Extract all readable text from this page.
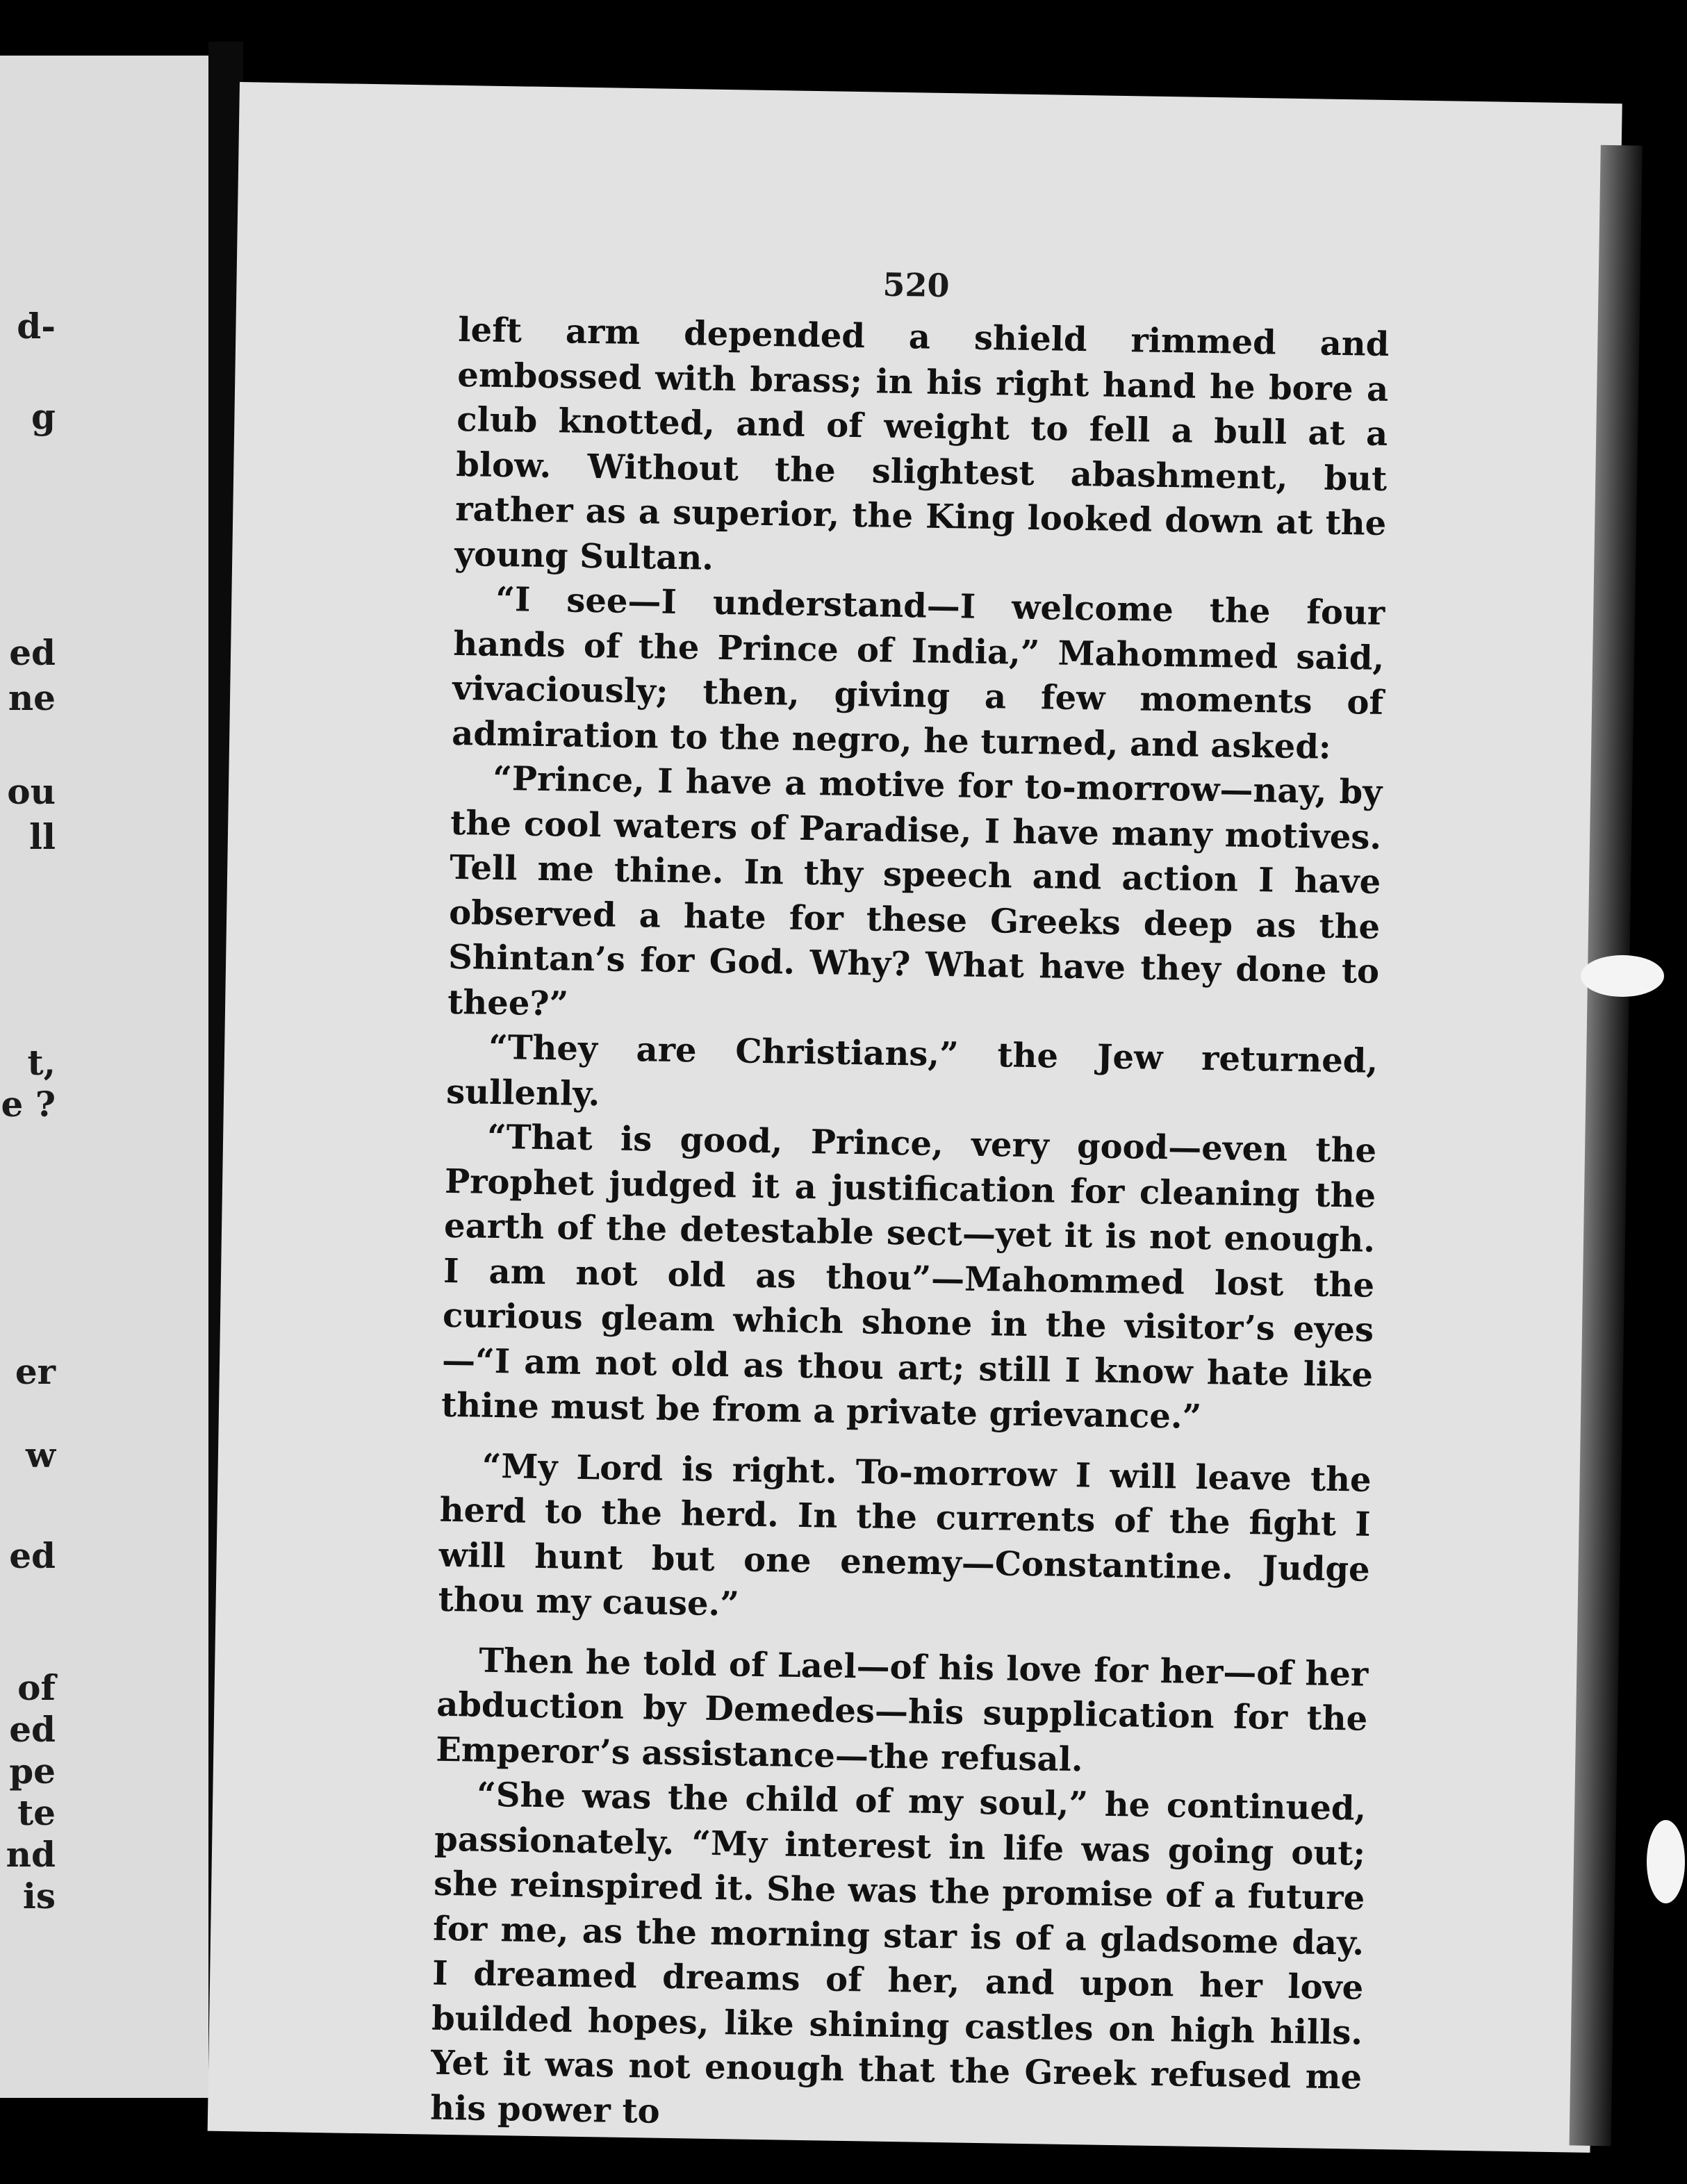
d-
g
ed
ne
ou
ll
t,
e ?
er
w
ed
of
ed
pe
te
nd
is
520

left arm depended a shield rimmed and embossed with brass; in his right hand he bore a club knotted, and of weight to fell a bull at a blow. Without the slightest abashment, but rather as a superior, the King looked down at the young Sultan.

“I see—I understand—I welcome the four hands of the Prince of India,” Mahommed said, vivaciously; then, giving a few moments of admiration to the negro, he turned, and asked:

“Prince, I have a motive for to-morrow—nay, by the cool waters of Paradise, I have many motives. Tell me thine. In thy speech and action I have observed a hate for these Greeks deep as the Shintan’s for God. Why? What have they done to thee?”

“They are Christians,” the Jew returned, sullenly.

“That is good, Prince, very good—even the Prophet judged it a justification for cleaning the earth of the detestable sect—yet it is not enough. I am not old as thou”—Mahommed lost the curious gleam which shone in the visitor’s eyes—“I am not old as thou art; still I know hate like thine must be from a private grievance.”

“My Lord is right. To-morrow I will leave the herd to the herd. In the currents of the fight I will hunt but one enemy—Constantine. Judge thou my cause.”

Then he told of Lael—of his love for her—of her abduction by Demedes—his supplication for the Emperor’s assistance—the refusal.

“She was the child of my soul,” he continued, passionately. “My interest in life was going out; she reinspired it. She was the promise of a future for me, as the morning star is of a gladsome day. I dreamed dreams of her, and upon her love builded hopes, like shining castles on high hills. Yet it was not enough that the Greek refused me his power to
